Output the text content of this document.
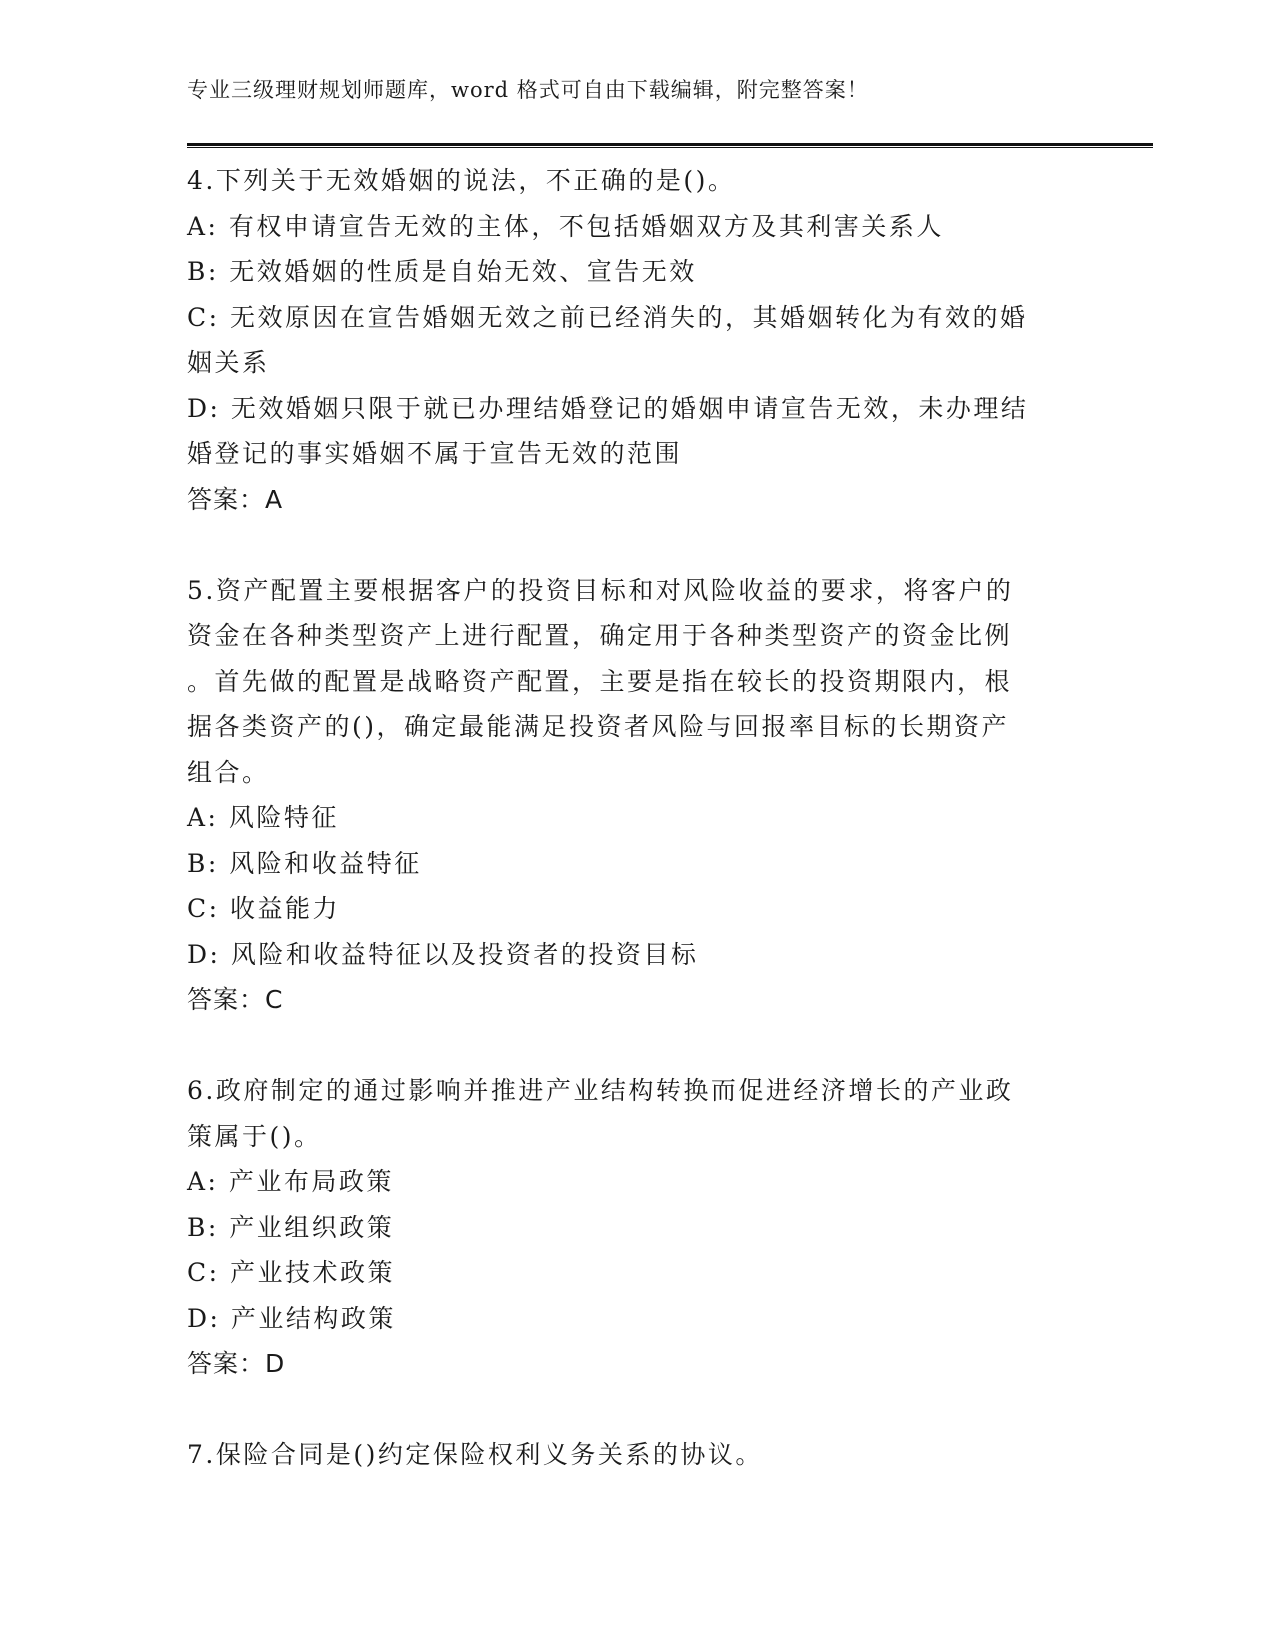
专业三级理财规划师题库，word 格式可自由下载编辑，附完整答案！
4.下列关于无效婚姻的说法，不正确的是()。
A: 有权申请宣告无效的主体，不包括婚姻双方及其利害关系人
B: 无效婚姻的性质是自始无效、宣告无效
C: 无效原因在宣告婚姻无效之前已经消失的，其婚姻转化为有效的婚
姻关系
D: 无效婚姻只限于就已办理结婚登记的婚姻申请宣告无效，未办理结
婚登记的事实婚姻不属于宣告无效的范围
答案：A
5.资产配置主要根据客户的投资目标和对风险收益的要求，将客户的
资金在各种类型资产上进行配置，确定用于各种类型资产的资金比例
。首先做的配置是战略资产配置，主要是指在较长的投资期限内，根
据各类资产的()，确定最能满足投资者风险与回报率目标的长期资产
组合。
A: 风险特征
B: 风险和收益特征
C: 收益能力
D: 风险和收益特征以及投资者的投资目标
答案：C
6.政府制定的通过影响并推进产业结构转换而促进经济增长的产业政
策属于()。
A: 产业布局政策
B: 产业组织政策
C: 产业技术政策
D: 产业结构政策
答案：D
7.保险合同是()约定保险权利义务关系的协议。
